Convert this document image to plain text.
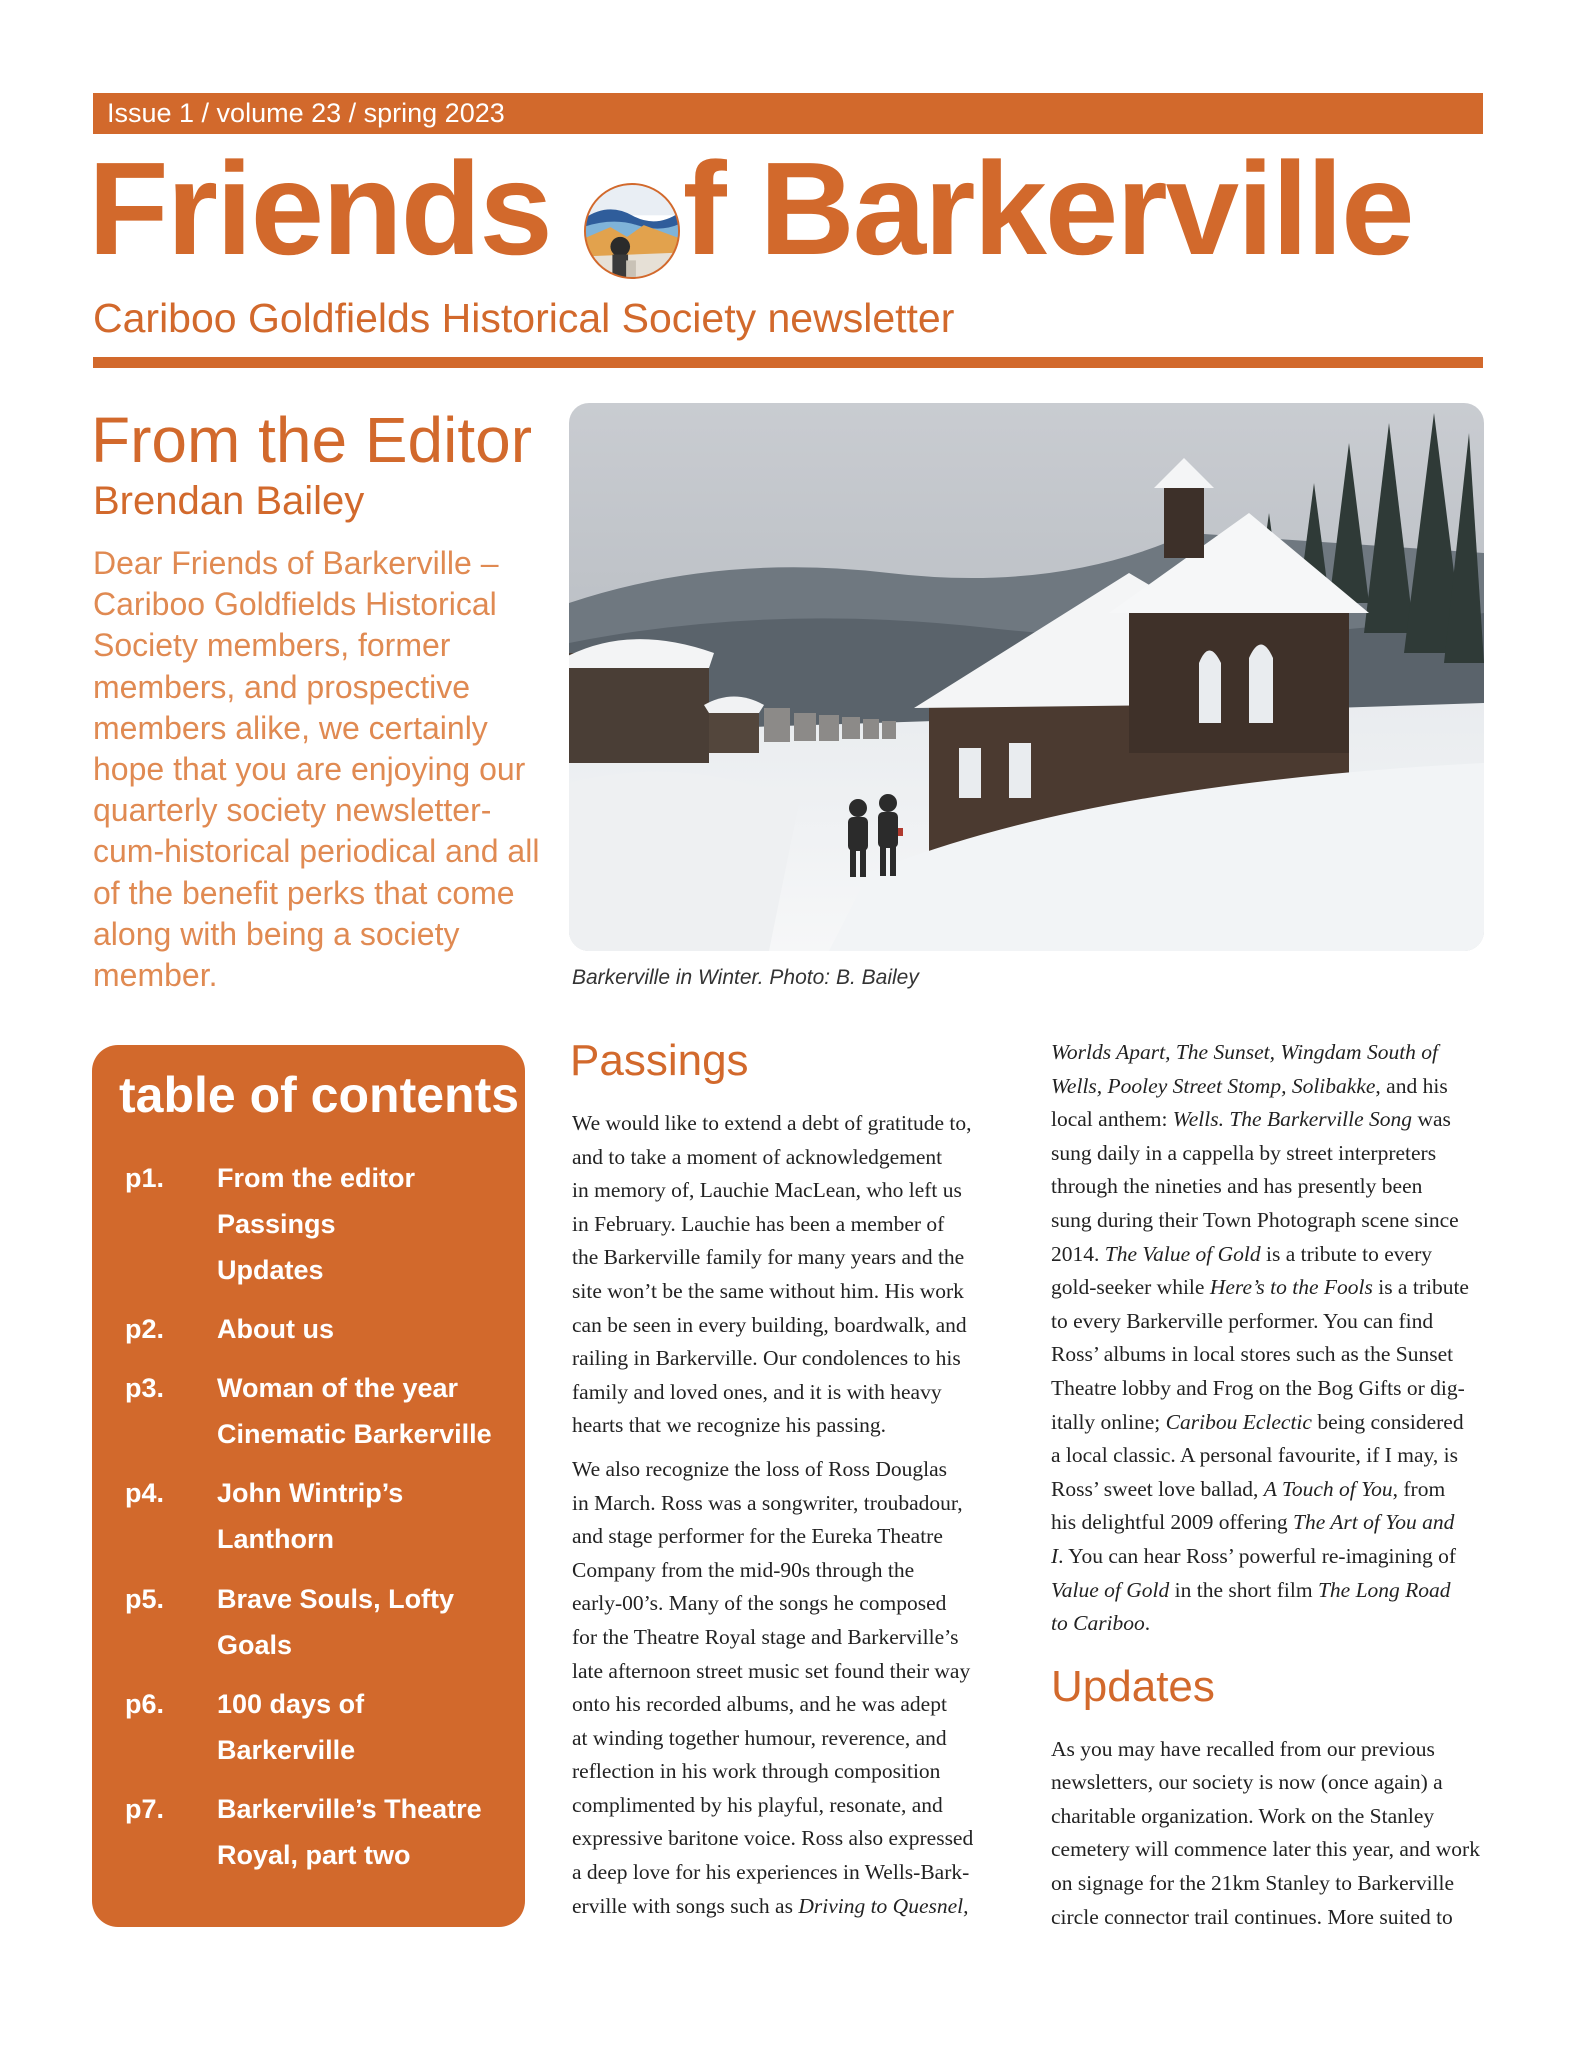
Issue 1 / volume 23 / spring 2023
Friends f Barkerville
Cariboo Goldfields Historical Society newsletter
From the Editor
Brendan Bailey
Dear Friends of Barkerville – Cariboo Goldfields Historical Society members, former members, and prospective members alike, we certainly hope that you are enjoying our quarterly society newsletter-cum-historical periodical and all of the benefit perks that come along with being a society member.	Barkerville in Winter. Photo: B. Bailey
table of contents
p1. From the editor
Passings
Updates
p2. About us
p3. Woman of the year
Cinematic Barkerville
p4. John Wintrip’s
Lanthorn
p5. Brave Souls, Lofty
Goals
p6. 100 days of
Barkerville
p7. Barkerville’s Theatre
Royal, part two
Passings
We would like to extend a debt of gratitude to,
and to take a moment of acknowledgement
in memory of, Lauchie MacLean, who left us
in February. Lauchie has been a member of
the Barkerville family for many years and the
site won’t be the same without him. His work
can be seen in every building, boardwalk, and
railing in Barkerville. Our condolences to his
family and loved ones, and it is with heavy
hearts that we recognize his passing.
We also recognize the loss of Ross Douglas
in March. Ross was a songwriter, troubadour,
and stage performer for the Eureka Theatre
Company from the mid-90s through the
early-00’s. Many of the songs he composed
for the Theatre Royal stage and Barkerville’s
late afternoon street music set found their way
onto his recorded albums, and he was adept
at winding together humour, reverence, and
reflection in his work through composition
complimented by his playful, resonate, and
expressive baritone voice. Ross also expressed
a deep love for his experiences in Wells-Bark-
erville with songs such as Driving to Quesnel,
Worlds Apart, The Sunset, Wingdam South of
Wells, Pooley Street Stomp, Solibakke, and his
local anthem: Wells. The Barkerville Song was
sung daily in a cappella by street interpreters
through the nineties and has presently been
sung during their Town Photograph scene since
2014. The Value of Gold is a tribute to every
gold-seeker while Here’s to the Fools is a tribute
to every Barkerville performer. You can find
Ross’ albums in local stores such as the Sunset
Theatre lobby and Frog on the Bog Gifts or dig-
itally online; Caribou Eclectic being considered
a local classic. A personal favourite, if I may, is
Ross’ sweet love ballad, A Touch of You, from
his delightful 2009 offering The Art of You and
I. You can hear Ross’ powerful re-imagining of
Value of Gold in the short film The Long Road
to Cariboo.
Updates
As you may have recalled from our previous
newsletters, our society is now (once again) a
charitable organization. Work on the Stanley
cemetery will commence later this year, and work
on signage for the 21km Stanley to Barkerville
circle connector trail continues. More suited to
